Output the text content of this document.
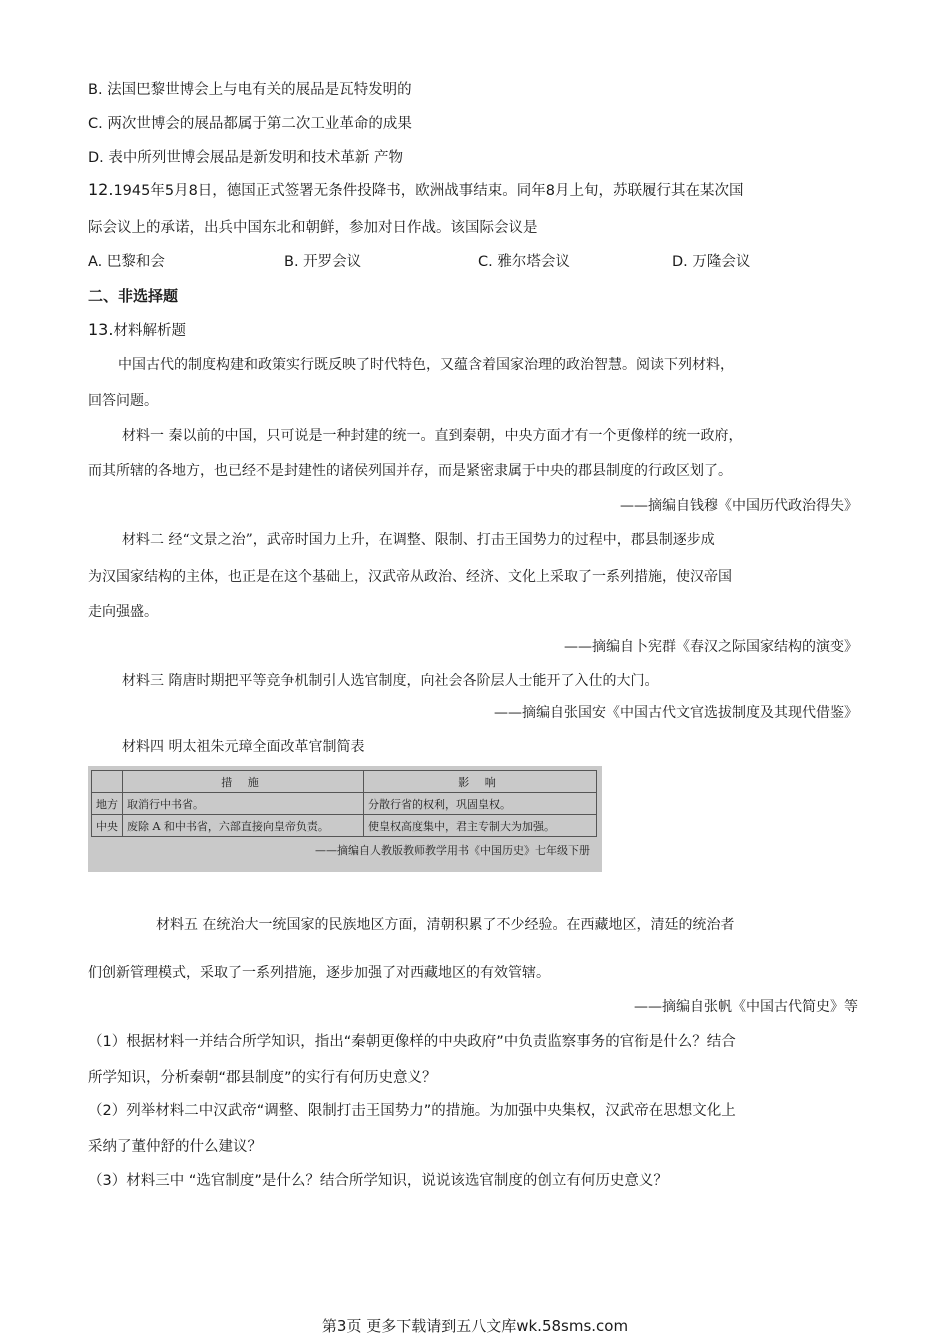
B. 法国巴黎世博会上与电有关的展品是瓦特发明的
C. 两次世博会的展品都属于第二次工业革命的成果
D. 表中所列世博会展品是新发明和技术革新 产物
12.1945年5月8日，德国正式签署无条件投降书，欧洲战事结束。同年8月上旬，苏联履行其在某次国
际会议上的承诺，出兵中国东北和朝鲜，参加对日作战。该国际会议是
A. 巴黎和会	B. 开罗会议	C. 雅尔塔会议	D. 万隆会议
二、非选择题
13.材料解析题
中国古代的制度构建和政策实行既反映了时代特色，又蕴含着国家治理的政治智慧。阅读下列材料，
回答问题。
材料一 秦以前的中国，只可说是一种封建的统一。直到秦朝，中央方面才有一个更像样的统一政府，
而其所辖的各地方，也已经不是封建性的诸侯列国并存，而是紧密隶属于中央的郡县制度的行政区划了。
——摘编自钱穆《中国历代政治得失》
材料二 经“文景之治”，武帝时国力上升，在调整、限制、打击王国势力的过程中，郡县制逐步成
为汉国家结构的主体，也正是在这个基础上，汉武帝从政治、经济、文化上采取了一系列措施，使汉帝国
走向强盛。
——摘编自卜宪群《春汉之际国家结构的演变》
材料三 隋唐时期把平等竞争机制引人选官制度，向社会各阶层人士能开了入仕的大门。
——摘编自张国安《中国古代文官选拔制度及其现代借鉴》
材料四 明太祖朱元璋全面改革官制简表
	措 施	影 响
地方	取消行中书省。	分散行省的权利，巩固皇权。
中央	废除 A 和中书省，六部直接向皇帝负责。	使皇权高度集中，君主专制大为加强。
——摘编自人教版教师教学用书《中国历史》七年级下册
材料五 在统治大一统国家的民族地区方面，清朝积累了不少经验。在西藏地区，清廷的统治者
们创新管理模式，采取了一系列措施，逐步加强了对西藏地区的有效管辖。
——摘编自张帆《中国古代简史》等
（1）根据材料一并结合所学知识，指出“秦朝更像样的中央政府”中负责监察事务的官衔是什么？结合
所学知识，分析秦朝“郡县制度”的实行有何历史意义？
（2）列举材料二中汉武帝“调整、限制打击王国势力”的措施。为加强中央集权，汉武帝在思想文化上
采纳了董仲舒的什么建议？
（3）材料三中 “选官制度”是什么？结合所学知识，说说该选官制度的创立有何历史意义？
第3页 更多下载请到五八文库wk.58sms.com
